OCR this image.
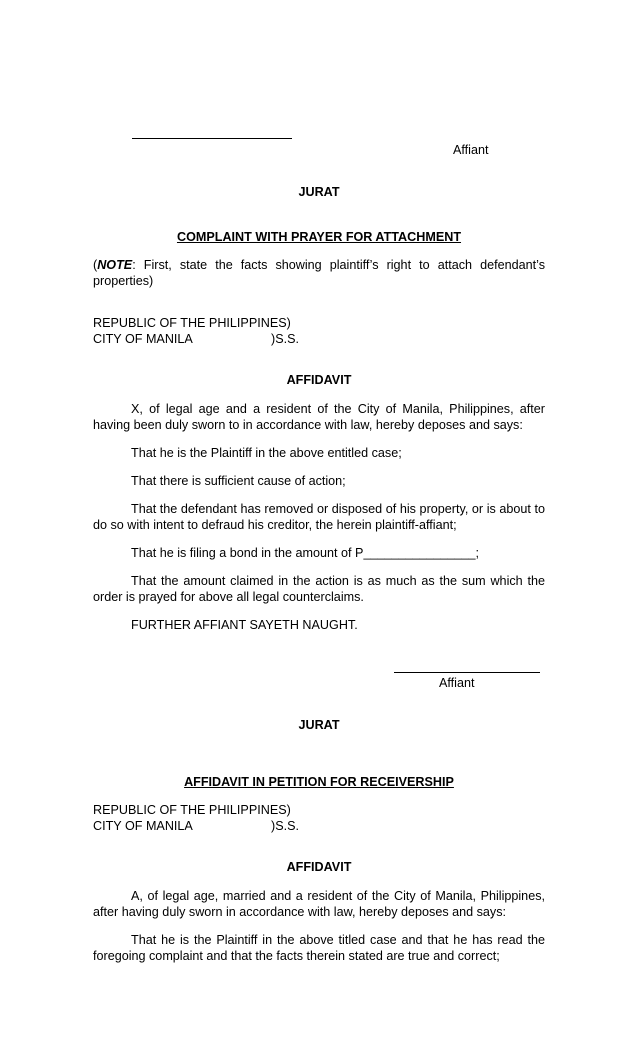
Affiant
JURAT
COMPLAINT WITH PRAYER FOR ATTACHMENT
(NOTE: First, state the facts showing plaintiff’s right to attach defendant’s
properties)
REPUBLIC OF THE PHILIPPINES)
CITY OF MANILA	)S.S.
AFFIDAVIT
X, of legal age and a resident of the City of Manila, Philippines, after
having been duly sworn to in accordance with law, hereby deposes and says:
That he is the Plaintiff in the above entitled case;
That there is sufficient cause of action;
That the defendant has removed or disposed of his property, or is about to
do so with intent to defraud his creditor, the herein plaintiff-affiant;
That he is filing a bond in the amount of P________________;
That the amount claimed in the action is as much as the sum which the
order is prayed for above all legal counterclaims.
FURTHER AFFIANT SAYETH NAUGHT.
Affiant
JURAT
AFFIDAVIT IN PETITION FOR RECEIVERSHIP
REPUBLIC OF THE PHILIPPINES)
CITY OF MANILA	)S.S.
AFFIDAVIT
A, of legal age, married and a resident of the City of Manila, Philippines,
after having duly sworn in accordance with law, hereby deposes and says:
That he is the Plaintiff in the above titled case and that he has read the
foregoing complaint and that the facts therein stated are true and correct;
